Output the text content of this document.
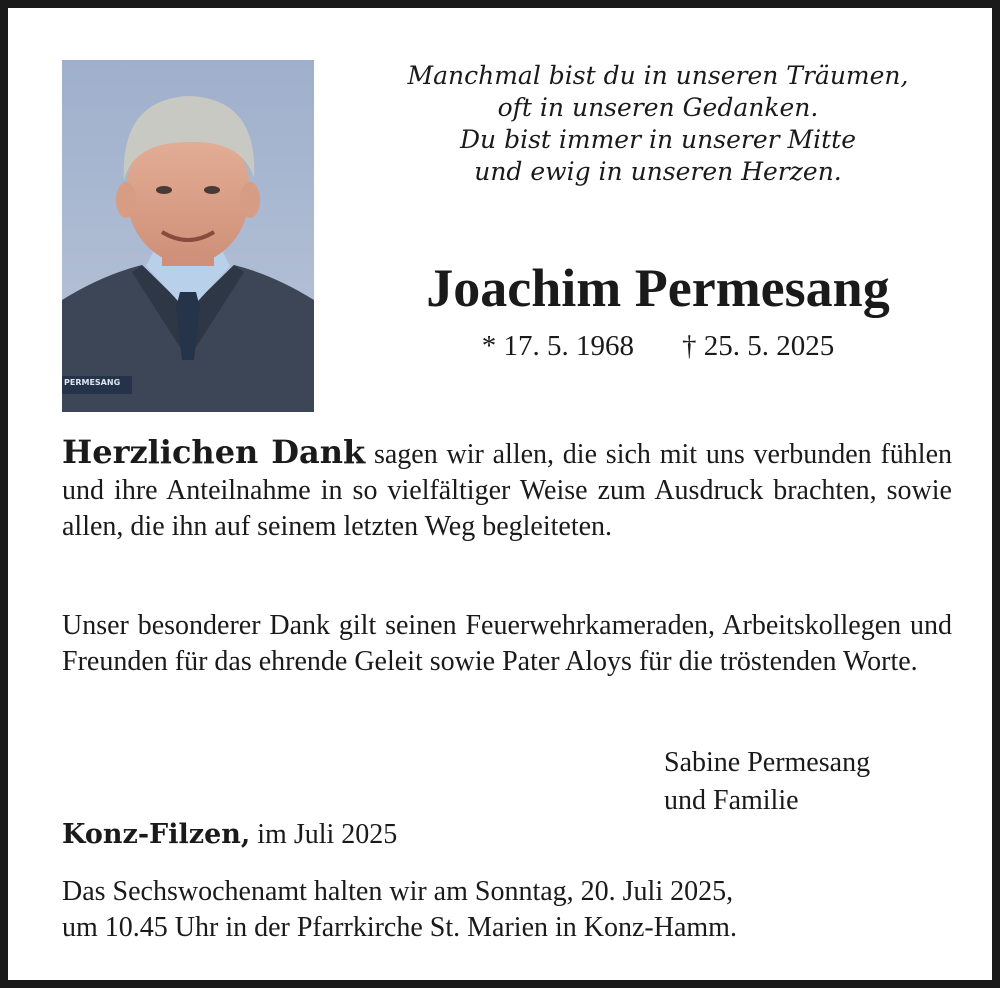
PERMESANG
Manchmal bist du in unseren Träumen,
oft in unseren Gedanken.
Du bist immer in unserer Mitte
und ewig in unseren Herzen.
Joachim Permesang
* 17. 5. 1968 † 25. 5. 2025
Herzlichen Dank sagen wir allen, die sich mit uns verbunden fühlen und ihre Anteilnahme in so vielfältiger Weise zum Ausdruck brachten, sowie allen, die ihn auf seinem letzten Weg begleiteten.
Unser besonderer Dank gilt seinen Feuerwehrkameraden, Arbeitskollegen und Freunden für das ehrende Geleit sowie Pater Aloys für die tröstenden Worte.
Sabine Permesang
und Familie
Konz-Filzen, im Juli 2025
Das Sechswochenamt halten wir am Sonntag, 20. Juli 2025,
um 10.45 Uhr in der Pfarrkirche St. Marien in Konz-Hamm.
